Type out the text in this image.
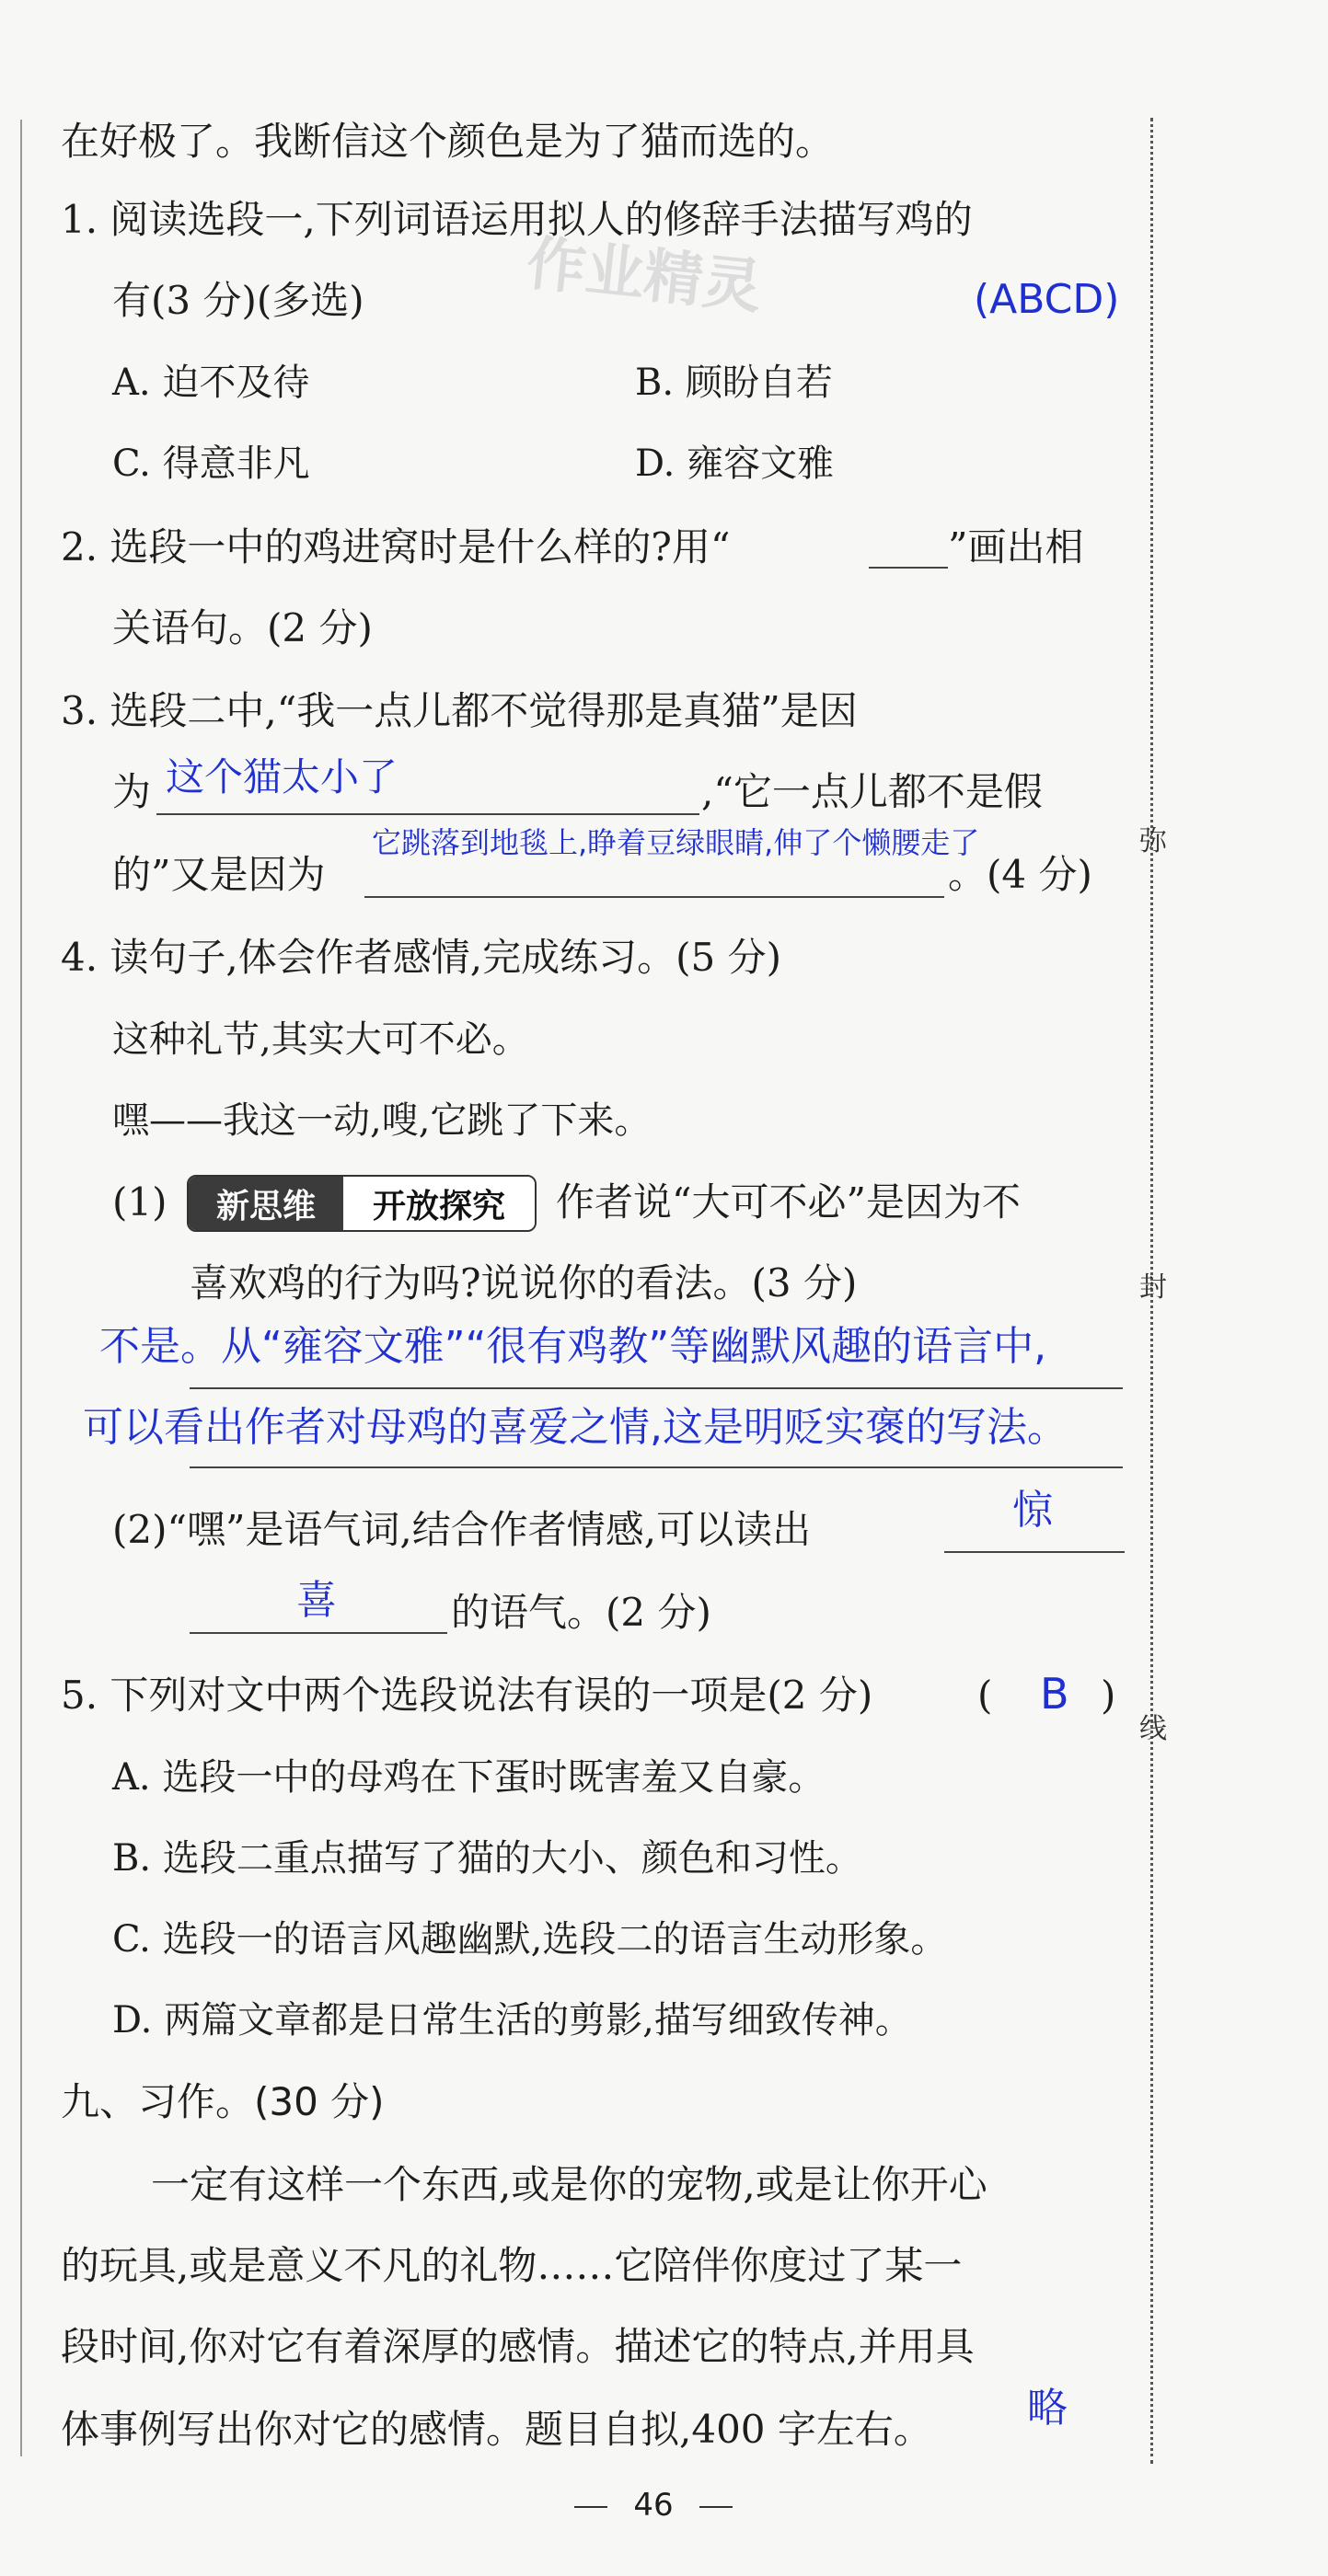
弥
封
线
在好极了。我断信这个颜色是为了猫而选的。
作业精灵
1. 阅读选段一,下列词语运用拟人的修辞手法描写鸡的
有(3 分)(多选)	(ABCD)
A. 迫不及待	B. 顾盼自若
C. 得意非凡	D. 雍容文雅
2. 选段一中的鸡进窝时是什么样的?用“	”画出相
关语句。(2 分)
3. 选段二中,“我一点儿都不觉得那是真猫”是因
为 这个猫太小了	,“它一点儿都不是假
的”又是因为
它跳落到地毯上,睁着豆绿眼睛,伸了个懒腰走了
。(4 分)
4. 读句子,体会作者感情,完成练习。(5 分)
这种礼节,其实大可不必。
嘿——我这一动,嗖,它跳了下来。
(1)	新思维	开放探究	作者说“大可不必”是因为不
喜欢鸡的行为吗?说说你的看法。(3 分)
不是。从“雍容文雅”“很有鸡教”等幽默风趣的语言中,
可以看出作者对母鸡的喜爱之情,这是明贬实褒的写法。
(2)“嘿”是语气词,结合作者情感,可以读出	惊
喜	的语气。(2 分)
5. 下列对文中两个选段说法有误的一项是(2 分)	( B )
A. 选段一中的母鸡在下蛋时既害羞又自豪。
B. 选段二重点描写了猫的大小、颜色和习性。
C. 选段一的语言风趣幽默,选段二的语言生动形象。
D. 两篇文章都是日常生活的剪影,描写细致传神。
九、习作。(30 分)
一定有这样一个东西,或是你的宠物,或是让你开心
的玩具,或是意义不凡的礼物……它陪伴你度过了某一
段时间,你对它有着深厚的感情。描述它的特点,并用具
体事例写出你对它的感情。题目自拟,400 字左右。 略
46
